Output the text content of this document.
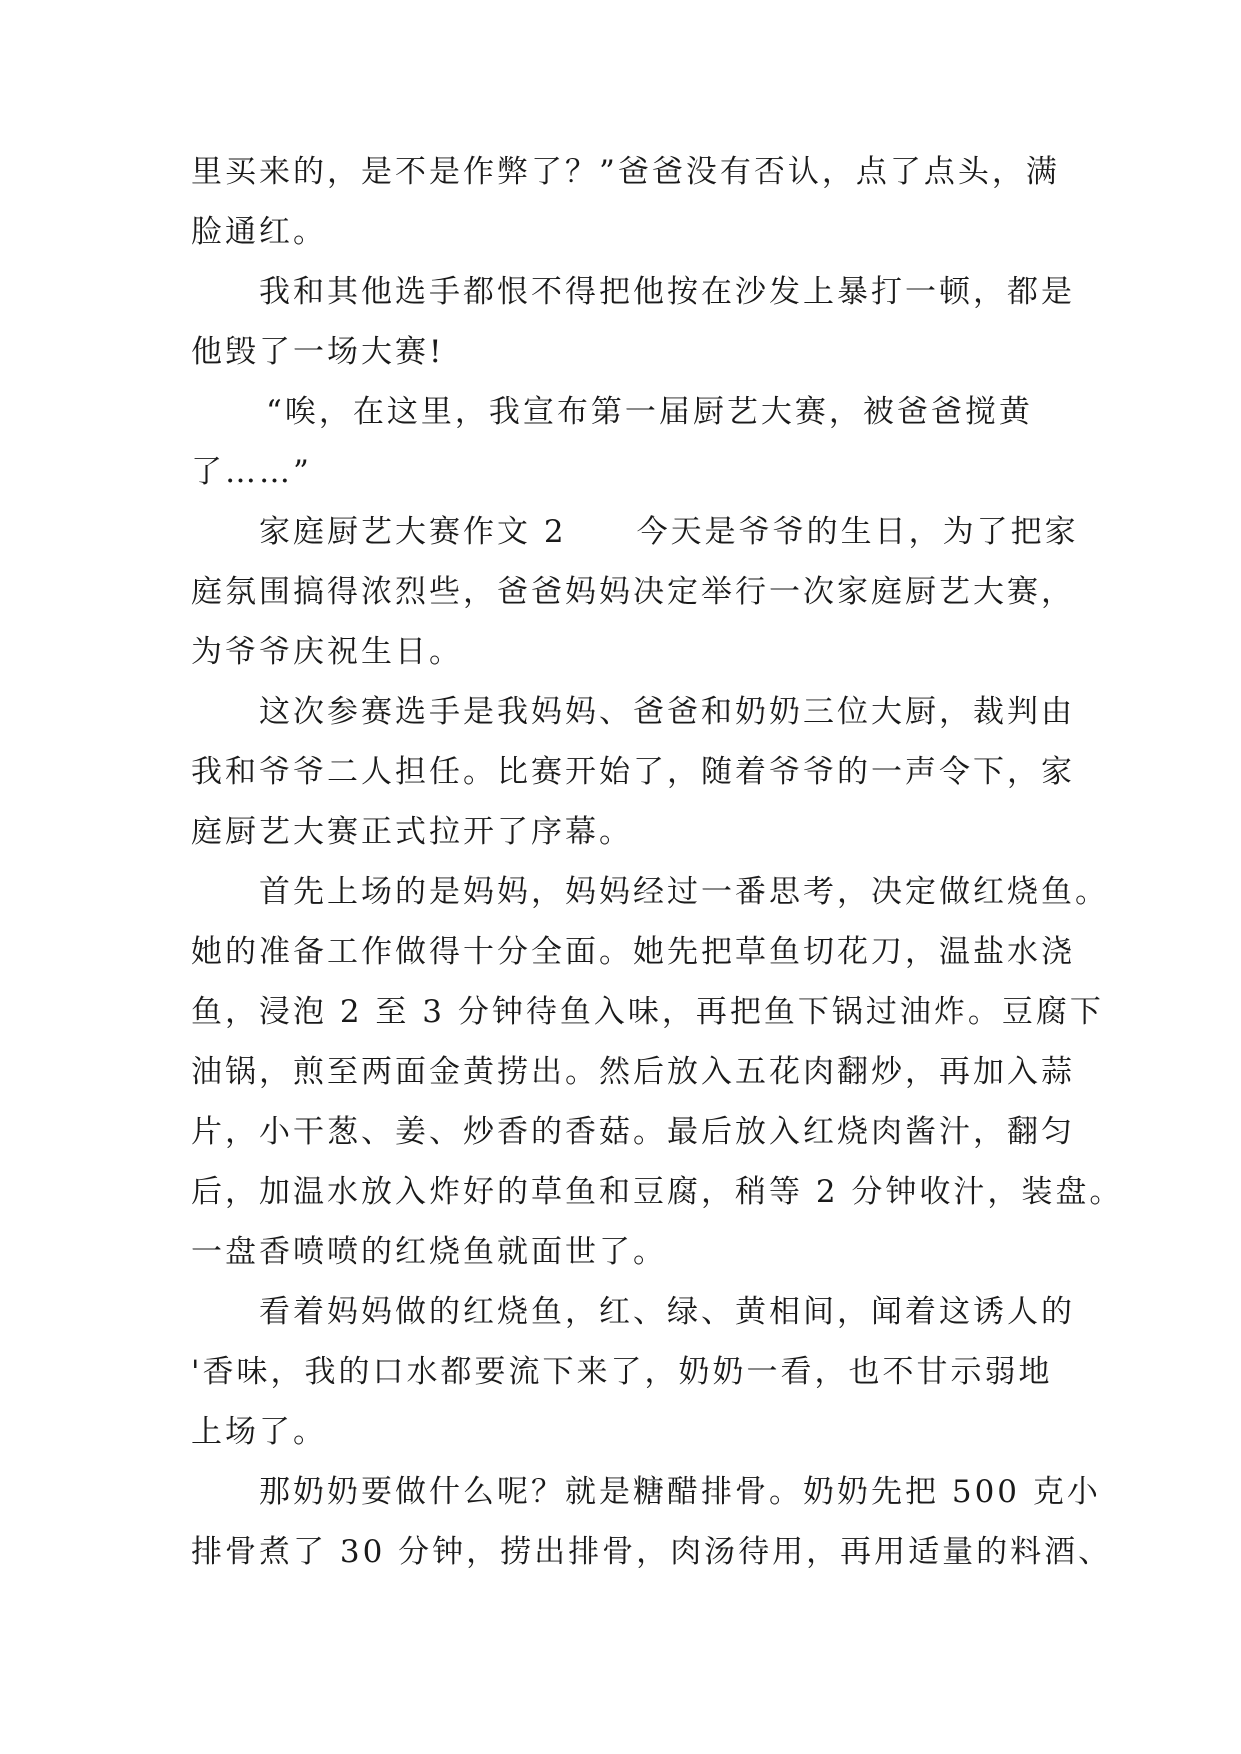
里买来的，是不是作弊了？”爸爸没有否认，点了点头，满
脸通红。
我和其他选手都恨不得把他按在沙发上暴打一顿，都是
他毁了一场大赛!
“唉，在这里，我宣布第一届厨艺大赛，被爸爸搅黄
了……”
家庭厨艺大赛作文 2 今天是爷爷的生日，为了把家
庭氛围搞得浓烈些，爸爸妈妈决定举行一次家庭厨艺大赛，
为爷爷庆祝生日。
这次参赛选手是我妈妈、爸爸和奶奶三位大厨，裁判由
我和爷爷二人担任。比赛开始了，随着爷爷的一声令下，家
庭厨艺大赛正式拉开了序幕。
首先上场的是妈妈，妈妈经过一番思考，决定做红烧鱼。
她的准备工作做得十分全面。她先把草鱼切花刀，温盐水浇
鱼，浸泡 2 至 3 分钟待鱼入味，再把鱼下锅过油炸。豆腐下
油锅，煎至两面金黄捞出。然后放入五花肉翻炒，再加入蒜
片，小干葱、姜、炒香的香菇。最后放入红烧肉酱汁，翻匀
后，加温水放入炸好的草鱼和豆腐，稍等 2 分钟收汁，装盘。
一盘香喷喷的红烧鱼就面世了。
看着妈妈做的红烧鱼，红、绿、黄相间，闻着这诱人的
'香味，我的口水都要流下来了，奶奶一看，也不甘示弱地
上场了。
那奶奶要做什么呢？就是糖醋排骨。奶奶先把 500 克小
排骨煮了 30 分钟，捞出排骨，肉汤待用，再用适量的料酒、
